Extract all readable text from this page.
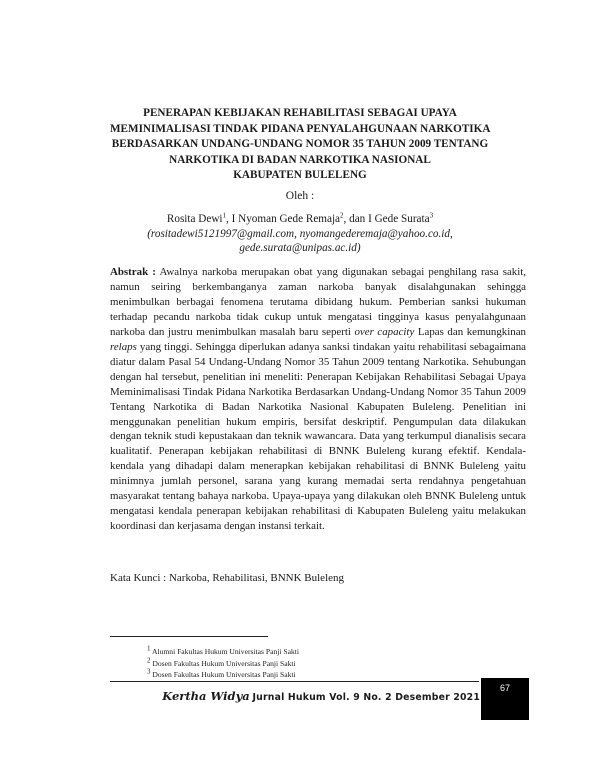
PENERAPAN KEBIJAKAN REHABILITASI SEBAGAI UPAYA
MEMINIMALISASI TINDAK PIDANA PENYALAHGUNAAN NARKOTIKA
BERDASARKAN UNDANG-UNDANG NOMOR 35 TAHUN 2009 TENTANG
NARKOTIKA DI BADAN NARKOTIKA NASIONAL
KABUPATEN BULELENG
Oleh :
Rosita Dewi$^1$, I Nyoman Gede Remaja$^2$, dan I Gede Surata$^3$
(rositadewi5121997@gmail.com, nyomangederemaja@yahoo.co.id,
gede.surata@unipas.ac.id)
Abstrak : Awalnya narkoba merupakan obat yang digunakan sebagai penghilang rasa sakit, namun seiring berkembanganya zaman narkoba banyak disalahgunakan sehingga menimbulkan berbagai fenomena terutama dibidang hukum. Pemberian sanksi hukuman terhadap pecandu narkoba tidak cukup untuk mengatasi tingginya kasus penyalahgunaan narkoba dan justru menimbulkan masalah baru seperti over capacity Lapas dan kemungkinan relaps yang tinggi. Sehingga diperlukan adanya sanksi tindakan yaitu rehabilitasi sebagaimana diatur dalam Pasal 54 Undang-Undang Nomor 35 Tahun 2009 tentang Narkotika. Sehubungan dengan hal tersebut, penelitian ini meneliti: Penerapan Kebijakan Rehabilitasi Sebagai Upaya Meminimalisasi Tindak Pidana Narkotika Berdasarkan Undang-Undang Nomor 35 Tahun 2009 Tentang Narkotika di Badan Narkotika Nasional Kabupaten Buleleng. Penelitian ini menggunakan penelitian hukum empiris, bersifat deskriptif. Pengumpulan data dilakukan dengan teknik studi kepustakaan dan teknik wawancara. Data yang terkumpul dianalisis secara kualitatif. Penerapan kebijakan rehabilitasi di BNNK Buleleng kurang efektif. Kendala-kendala yang dihadapi dalam menerapkan kebijakan rehabilitasi di BNNK Buleleng yaitu minimnya jumlah personel, sarana yang kurang memadai serta rendahnya pengetahuan masyarakat tentang bahaya narkoba. Upaya-upaya yang dilakukan oleh BNNK Buleleng untuk mengatasi kendala penerapan kebijakan rehabilitasi di Kabupaten Buleleng yaitu melakukan koordinasi dan kerjasama dengan instansi terkait.
Kata Kunci : Narkoba, Rehabilitasi, BNNK Buleleng
$^1$ Alumni Fakultas Hukum Universitas Panji Sakti
$^2$ Dosen Fakultas Hukum Universitas Panji Sakti
$^3$ Dosen Fakultas Hukum Universitas Panji Sakti
Kertha Widya Jurnal Hukum Vol. 9 No. 2 Desember 2021
67
